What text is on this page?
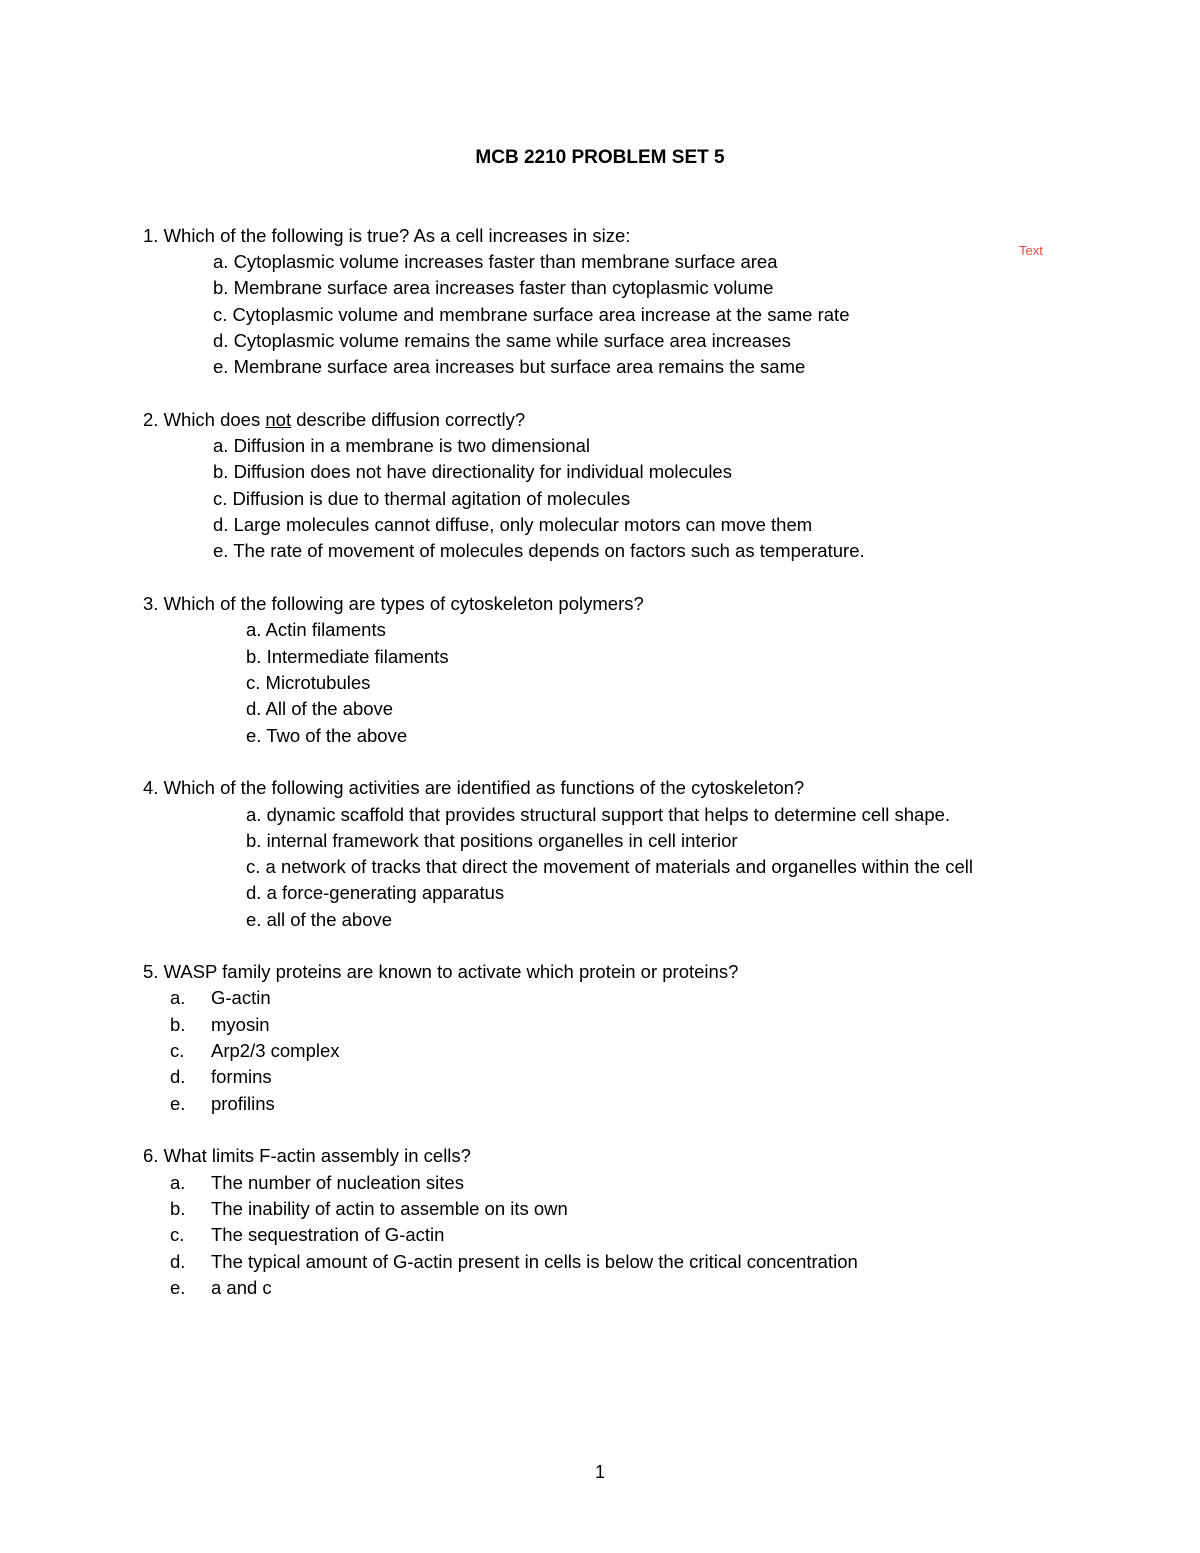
MCB 2210 PROBLEM SET 5
Text
1. Which of the following is true? As a cell increases in size:
a. Cytoplasmic volume increases faster than membrane surface area
b. Membrane surface area increases faster than cytoplasmic volume
c. Cytoplasmic volume and membrane surface area increase at the same rate
d. Cytoplasmic volume remains the same while surface area increases
e. Membrane surface area increases but surface area remains the same
2. Which does not describe diffusion correctly?
a. Diffusion in a membrane is two dimensional
b. Diffusion does not have directionality for individual molecules
c. Diffusion is due to thermal agitation of molecules
d. Large molecules cannot diffuse, only molecular motors can move them
e. The rate of movement of molecules depends on factors such as temperature.
3. Which of the following are types of cytoskeleton polymers?
a. Actin filaments
b. Intermediate filaments
c. Microtubules
d. All of the above
e. Two of the above
4. Which of the following activities are identified as functions of the cytoskeleton?
a. dynamic scaffold that provides structural support that helps to determine cell shape.
b. internal framework that positions organelles in cell interior
c. a network of tracks that direct the movement of materials and organelles within the cell
d. a force-generating apparatus
e. all of the above
5. WASP family proteins are known to activate which protein or proteins?
a. G-actin
b. myosin
c. Arp2/3 complex
d. formins
e. profilins
6. What limits F-actin assembly in cells?
a. The number of nucleation sites
b. The inability of actin to assemble on its own
c. The sequestration of G-actin
d. The typical amount of G-actin present in cells is below the critical concentration
e. a and c
1
